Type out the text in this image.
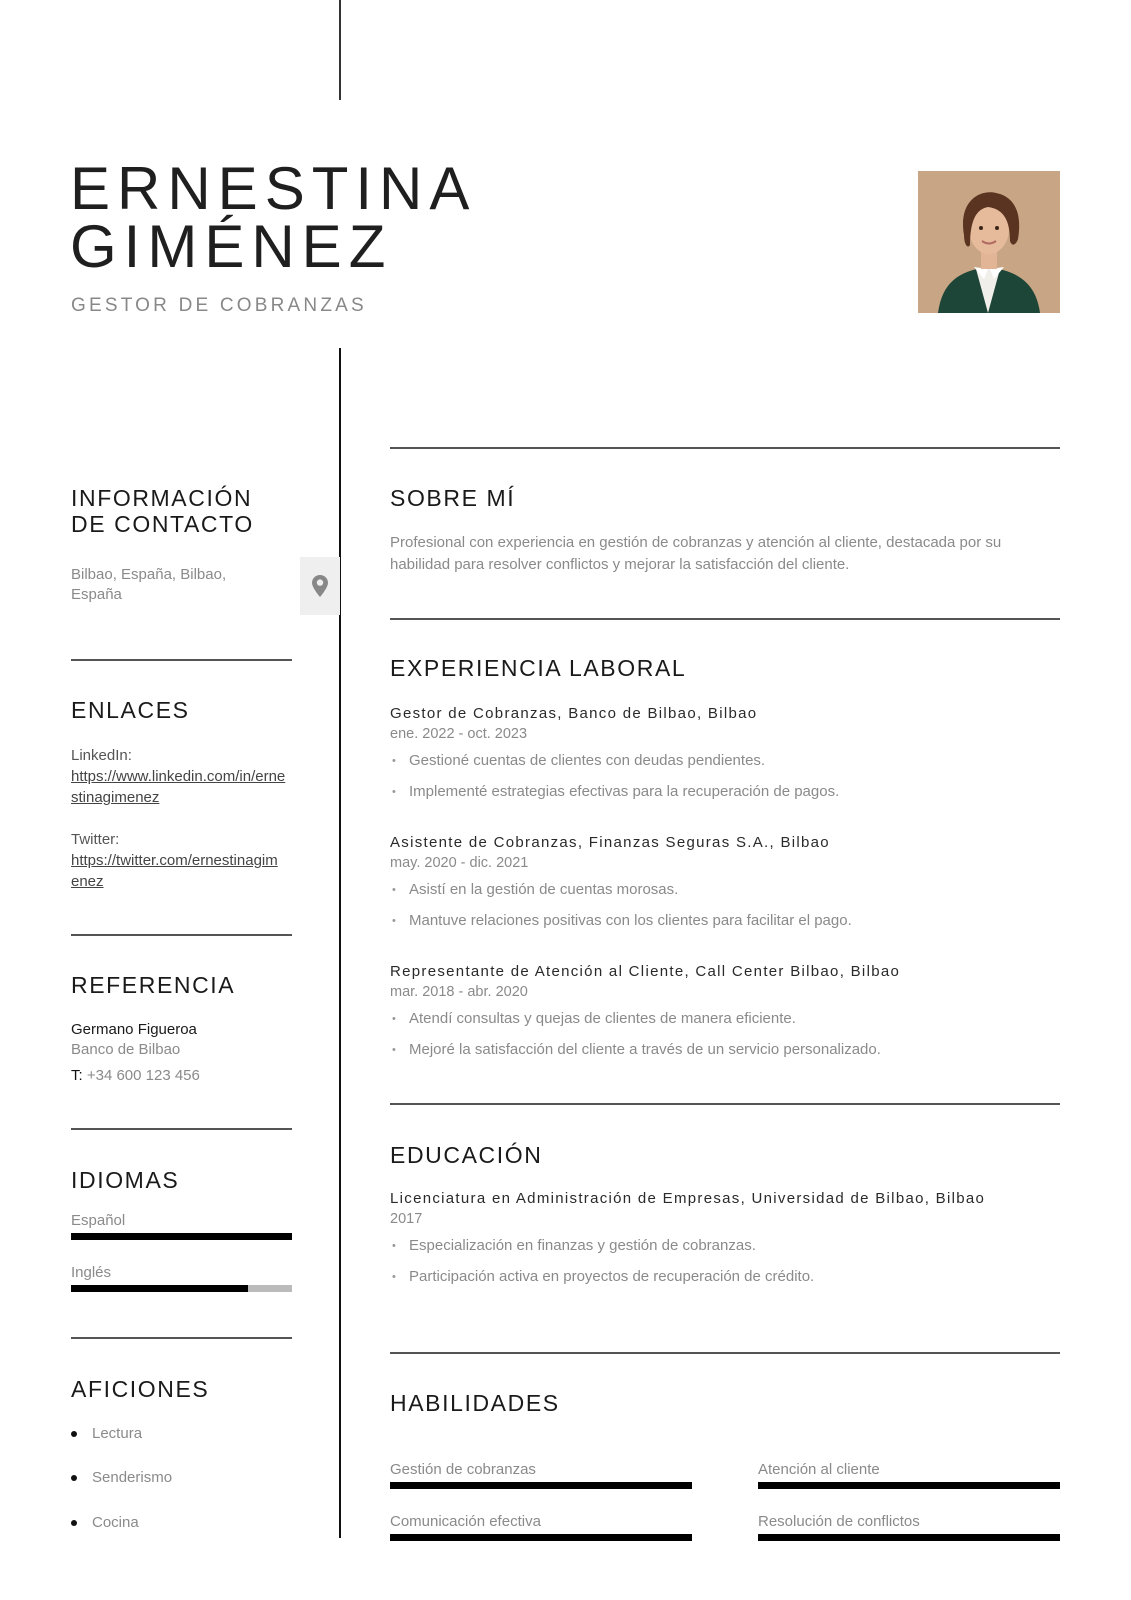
ERNESTINA
GIMÉNEZ
GESTOR DE COBRANZAS
INFORMACIÓN
DE CONTACTO
Bilbao, España, Bilbao,
España
ENLACES
LinkedIn:
https://www.linkedin.com/in/ernestinagimenez
Twitter:
https://twitter.com/ernestinagimenez
REFERENCIA
Germano Figueroa
Banco de Bilbao
T: +34 600 123 456
IDIOMAS
Español
Inglés
AFICIONES
Lectura
Senderismo
Cocina
SOBRE MÍ
Profesional con experiencia en gestión de cobranzas y atención al cliente, destacada por su habilidad para resolver conflictos y mejorar la satisfacción del cliente.
EXPERIENCIA LABORAL
Gestor de Cobranzas, Banco de Bilbao, Bilbao
ene. 2022 - oct. 2023
• Gestioné cuentas de clientes con deudas pendientes.
• Implementé estrategias efectivas para la recuperación de pagos.
Asistente de Cobranzas, Finanzas Seguras S.A., Bilbao
may. 2020 - dic. 2021
• Asistí en la gestión de cuentas morosas.
• Mantuve relaciones positivas con los clientes para facilitar el pago.
Representante de Atención al Cliente, Call Center Bilbao, Bilbao
mar. 2018 - abr. 2020
• Atendí consultas y quejas de clientes de manera eficiente.
• Mejoré la satisfacción del cliente a través de un servicio personalizado.
EDUCACIÓN
Licenciatura en Administración de Empresas, Universidad de Bilbao, Bilbao
2017
• Especialización en finanzas y gestión de cobranzas.
• Participación activa en proyectos de recuperación de crédito.
HABILIDADES
Gestión de cobranzas	Atención al cliente
Comunicación efectiva	Resolución de conflictos
